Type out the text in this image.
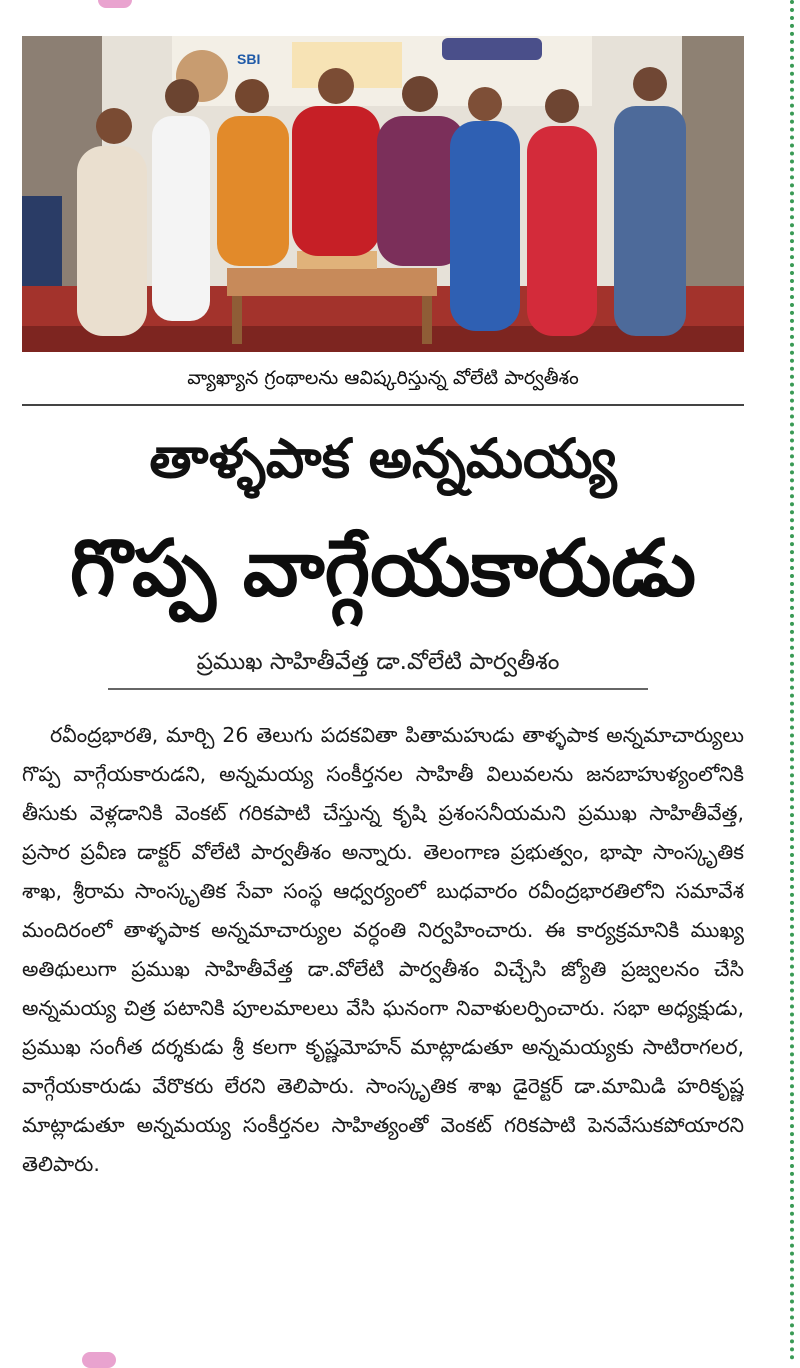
SBI
వ్యాఖ్యాన గ్రంథాలను ఆవిష్కరిస్తున్న వోలేటి పార్వతీశం
తాళ్ళపాక అన్నమయ్య
గొప్ప వాగ్గేయకారుడు
ప్రముఖ సాహితీవేత్త డా.వోలేటి పార్వతీశం
రవీంద్రభారతి, మార్చి 26 తెలుగు పదకవితా పితామహుడు తాళ్ళపాక అన్నమాచార్యులు గొప్ప వాగ్గేయకారుడని, అన్నమయ్య సంకీర్తనల సాహితీ విలువలను జనబాహుళ్యంలోనికి తీసుకు వెళ్లడానికి వెంకట్ గరికపాటి చేస్తున్న కృషి ప్రశంసనీయమని ప్రముఖ సాహితీవేత్త, ప్రసార ప్రవీణ డాక్టర్ వోలేటి పార్వతీశం అన్నారు. తెలంగాణ ప్రభుత్వం, భాషా సాంస్కృతిక శాఖ, శ్రీరామ సాంస్కృతిక సేవా సంస్థ ఆధ్వర్యంలో బుధవారం రవీంద్రభారతిలోని సమావేశ మందిరంలో తాళ్ళపాక అన్నమాచార్యుల వర్ధంతి నిర్వహించారు. ఈ కార్యక్రమానికి ముఖ్య అతిథులుగా ప్రముఖ సాహితీవేత్త డా.వోలేటి పార్వతీశం విచ్చేసి జ్యోతి ప్రజ్వలనం చేసి అన్నమయ్య చిత్ర పటానికి పూలమాలలు వేసి ఘనంగా నివాళులర్పించారు. సభా అధ్యక్షుడు, ప్రముఖ సంగీత దర్శకుడు శ్రీ కలగా కృష్ణమోహన్ మాట్లాడుతూ అన్నమయ్యకు సాటిరాగలర, వాగ్గేయకారుడు వేరొకరు లేరని తెలిపారు. సాంస్కృతిక శాఖ డైరెక్టర్ డా.మామిడి హరికృష్ణ మాట్లాడుతూ అన్నమయ్య సంకీర్తనల సాహిత్యంతో వెంకట్ గరికపాటి పెనవేసుకపోయారని తెలిపారు.
